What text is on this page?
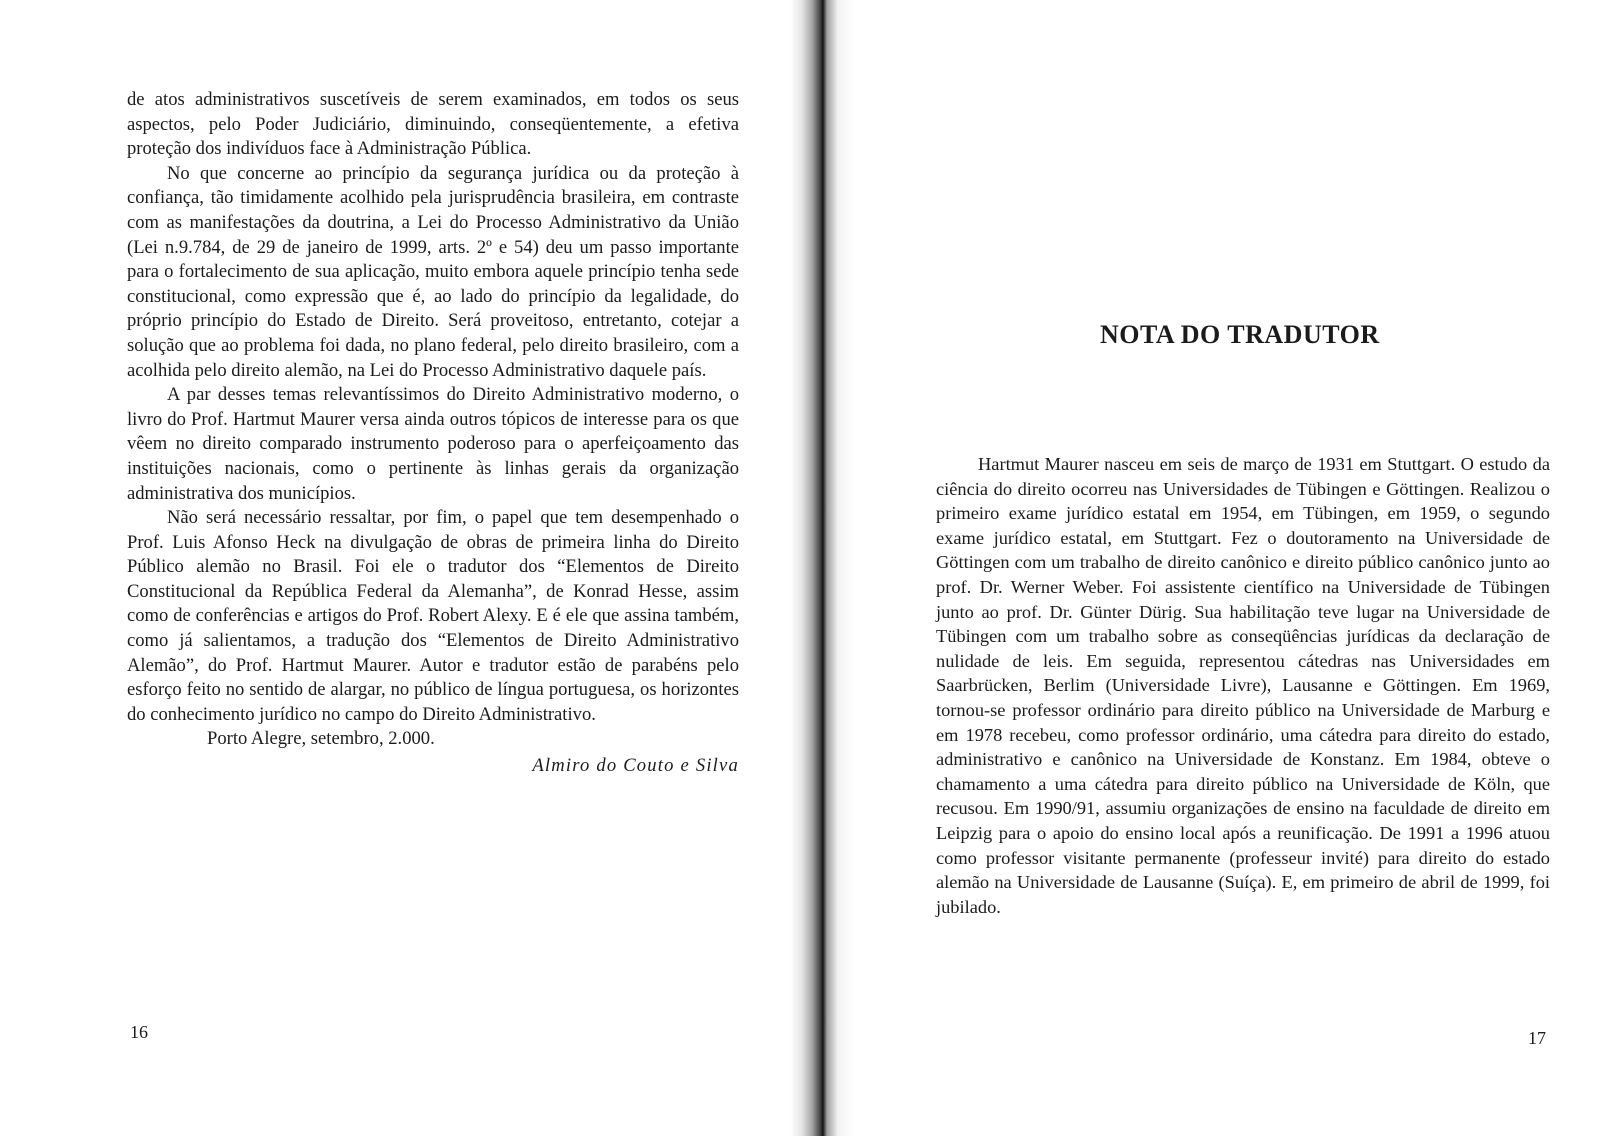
de atos administrativos suscetíveis de serem examinados, em todos os seus aspectos, pelo Poder Judiciário, diminuindo, conseqüentemente, a efetiva proteção dos indivíduos face à Administração Pública.

No que concerne ao princípio da segurança jurídica ou da proteção à confiança, tão timidamente acolhido pela jurisprudência brasileira, em contraste com as manifestações da doutrina, a Lei do Processo Administrativo da União (Lei n.9.784, de 29 de janeiro de 1999, arts. 2º e 54) deu um passo importante para o fortalecimento de sua aplicação, muito embora aquele princípio tenha sede constitucional, como expressão que é, ao lado do princípio da legalidade, do próprio princípio do Estado de Direito. Será proveitoso, entretanto, cotejar a solução que ao problema foi dada, no plano federal, pelo direito brasileiro, com a acolhida pelo direito alemão, na Lei do Processo Administrativo daquele país.

A par desses temas relevantíssimos do Direito Administrativo moderno, o livro do Prof. Hartmut Maurer versa ainda outros tópicos de interesse para os que vêem no direito comparado instrumento poderoso para o aperfeiçoamento das instituições nacionais, como o pertinente às linhas gerais da organização administrativa dos municípios.

Não será necessário ressaltar, por fim, o papel que tem desempenhado o Prof. Luis Afonso Heck na divulgação de obras de primeira linha do Direito Público alemão no Brasil. Foi ele o tradutor dos “Elementos de Direito Constitucional da República Federal da Alemanha”, de Konrad Hesse, assim como de conferências e artigos do Prof. Robert Alexy. E é ele que assina também, como já salientamos, a tradução dos “Elementos de Direito Administrativo Alemão”, do Prof. Hartmut Maurer. Autor e tradutor estão de parabéns pelo esforço feito no sentido de alargar, no público de língua portuguesa, os horizontes do conhecimento jurídico no campo do Direito Administrativo.

Porto Alegre, setembro, 2.000.

Almiro do Couto e Silva
16
NOTA DO TRADUTOR

Hartmut Maurer nasceu em seis de março de 1931 em Stuttgart. O estudo da ciência do direito ocorreu nas Universidades de Tübingen e Göttingen. Realizou o primeiro exame jurídico estatal em 1954, em Tübingen, em 1959, o segundo exame jurídico estatal, em Stuttgart. Fez o doutoramento na Universidade de Göttingen com um trabalho de direito canônico e direito público canônico junto ao prof. Dr. Werner Weber. Foi assistente científico na Universidade de Tübingen junto ao prof. Dr. Günter Dürig. Sua habilitação teve lugar na Universidade de Tübingen com um trabalho sobre as conseqüências jurídicas da declaração de nulidade de leis. Em seguida, representou cátedras nas Universidades em Saarbrücken, Berlim (Universidade Livre), Lausanne e Göttingen. Em 1969, tornou-se professor ordinário para direito público na Universidade de Marburg e em 1978 recebeu, como professor ordinário, uma cátedra para direito do estado, administrativo e canônico na Universidade de Konstanz. Em 1984, obteve o chamamento a uma cátedra para direito público na Universidade de Köln, que recusou. Em 1990/91, assumiu organizações de ensino na faculdade de direito em Leipzig para o apoio do ensino local após a reunificação. De 1991 a 1996 atuou como professor visitante permanente (professeur invité) para direito do estado alemão na Universidade de Lausanne (Suíça). E, em primeiro de abril de 1999, foi jubilado.

17
